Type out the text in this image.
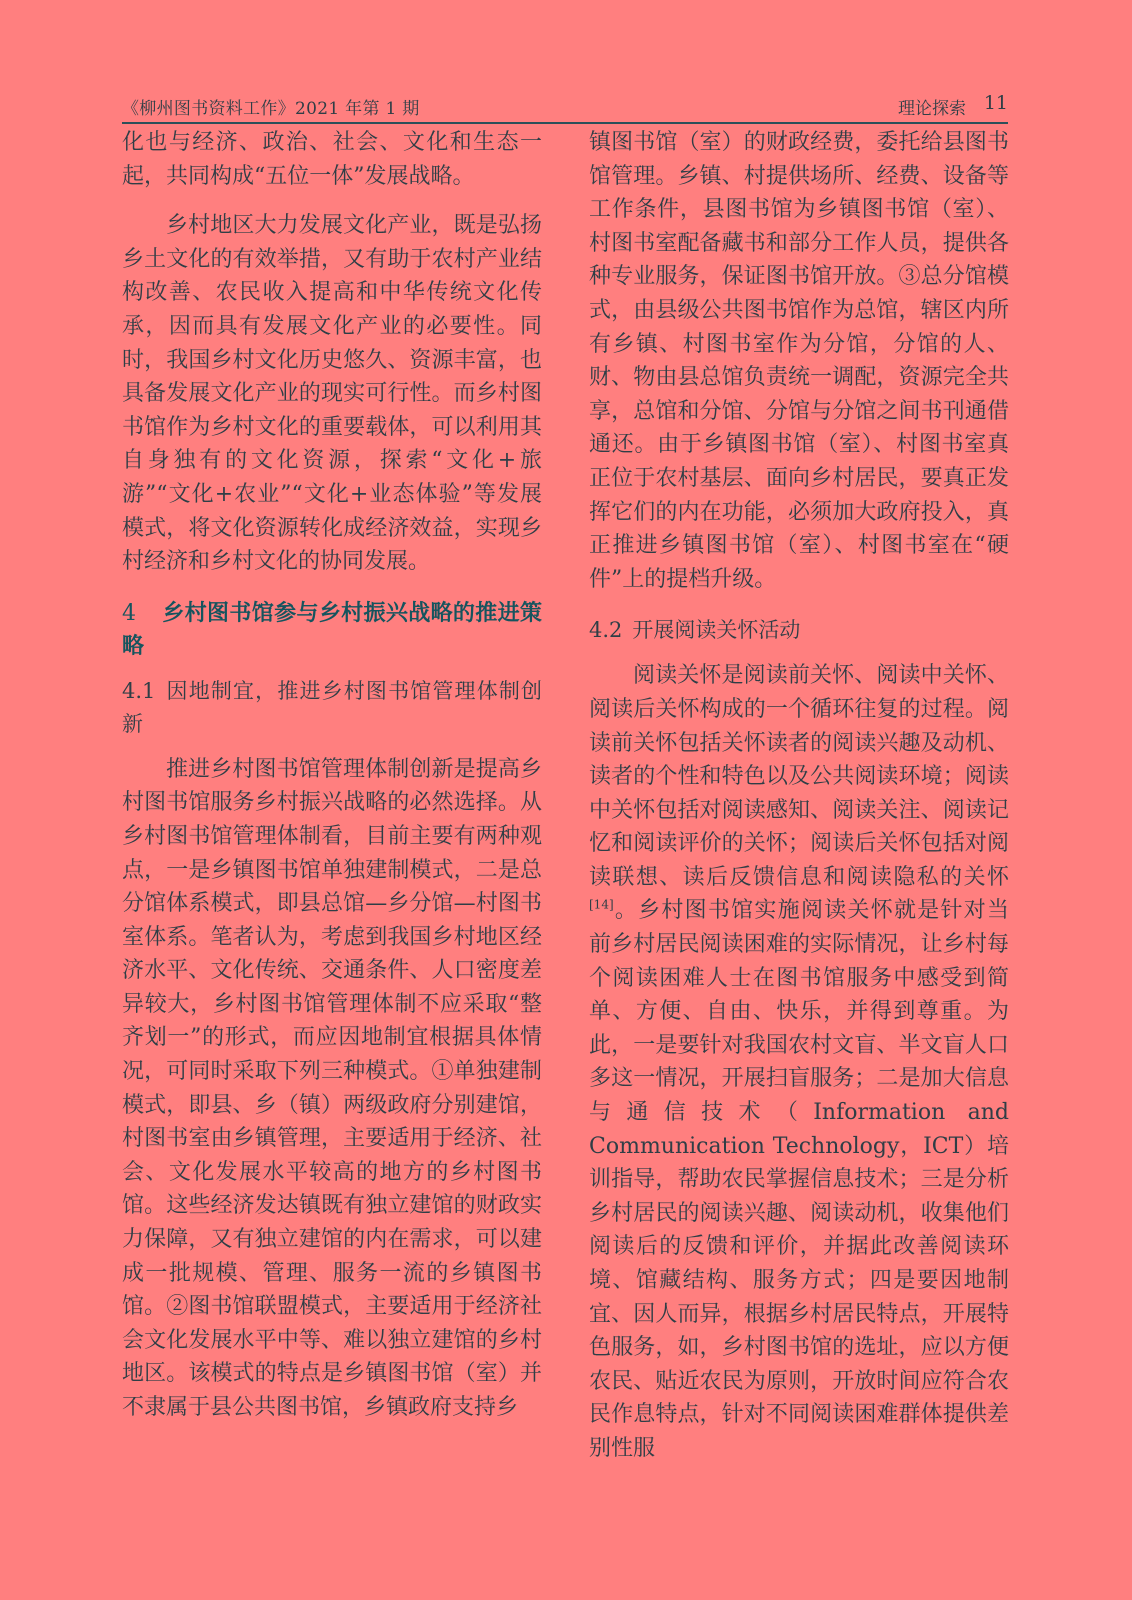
《柳州图书资料工作》2021 年第 1 期	理论探索 11

化也与经济、政治、社会、文化和生态一起，共同构成“五位一体”发展战略。

乡村地区大力发展文化产业，既是弘扬乡土文化的有效举措，又有助于农村产业结构改善、农民收入提高和中华传统文化传承，因而具有发展文化产业的必要性。同时，我国乡村文化历史悠久、资源丰富，也具备发展文化产业的现实可行性。而乡村图书馆作为乡村文化的重要载体，可以利用其自身独有的文化资源，探索“文化+旅游”“文化+农业”“文化+业态体验”等发展模式，将文化资源转化成经济效益，实现乡村经济和乡村文化的协同发展。

4 乡村图书馆参与乡村振兴战略的推进策略
4.1 因地制宜，推进乡村图书馆管理体制创新

推进乡村图书馆管理体制创新是提高乡村图书馆服务乡村振兴战略的必然选择。从乡村图书馆管理体制看，目前主要有两种观点，一是乡镇图书馆单独建制模式，二是总分馆体系模式，即县总馆—乡分馆—村图书室体系。笔者认为，考虑到我国乡村地区经济水平、文化传统、交通条件、人口密度差异较大，乡村图书馆管理体制不应采取“整齐划一”的形式，而应因地制宜根据具体情况，可同时采取下列三种模式。①单独建制模式，即县、乡（镇）两级政府分别建馆，村图书室由乡镇管理，主要适用于经济、社会、文化发展水平较高的地方的乡村图书馆。这些经济发达镇既有独立建馆的财政实力保障，又有独立建馆的内在需求，可以建成一批规模、管理、服务一流的乡镇图书馆。②图书馆联盟模式，主要适用于经济社会文化发展水平中等、难以独立建馆的乡村地区。该模式的特点是乡镇图书馆（室）并不隶属于县公共图书馆，乡镇政府支持乡

镇图书馆（室）的财政经费，委托给县图书馆管理。乡镇、村提供场所、经费、设备等工作条件，县图书馆为乡镇图书馆（室）、村图书室配备藏书和部分工作人员，提供各种专业服务，保证图书馆开放。③总分馆模式，由县级公共图书馆作为总馆，辖区内所有乡镇、村图书室作为分馆，分馆的人、财、物由县总馆负责统一调配，资源完全共享，总馆和分馆、分馆与分馆之间书刊通借通还。由于乡镇图书馆（室）、村图书室真正位于农村基层、面向乡村居民，要真正发挥它们的内在功能，必须加大政府投入，真正推进乡镇图书馆（室）、村图书室在“硬件”上的提档升级。

4.2 开展阅读关怀活动

阅读关怀是阅读前关怀、阅读中关怀、阅读后关怀构成的一个循环往复的过程。阅读前关怀包括关怀读者的阅读兴趣及动机、读者的个性和特色以及公共阅读环境；阅读中关怀包括对阅读感知、阅读关注、阅读记忆和阅读评价的关怀；阅读后关怀包括对阅读联想、读后反馈信息和阅读隐私的关怀[14]。乡村图书馆实施阅读关怀就是针对当前乡村居民阅读困难的实际情况，让乡村每个阅读困难人士在图书馆服务中感受到简单、方便、自由、快乐，并得到尊重。为此，一是要针对我国农村文盲、半文盲人口多这一情况，开展扫盲服务；二是加大信息与通信技术（Information and Communication Technology，ICT）培训指导，帮助农民掌握信息技术；三是分析乡村居民的阅读兴趣、阅读动机，收集他们阅读后的反馈和评价，并据此改善阅读环境、馆藏结构、服务方式；四是要因地制宜、因人而异，根据乡村居民特点，开展特色服务，如，乡村图书馆的选址，应以方便农民、贴近农民为原则，开放时间应符合农民作息特点，针对不同阅读困难群体提供差别性服
